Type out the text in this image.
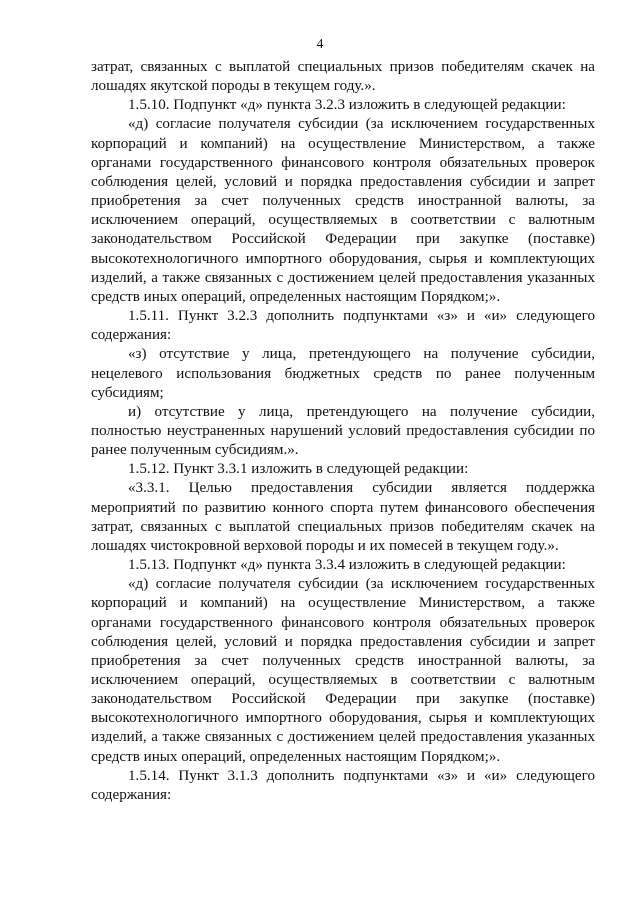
4

затрат, связанных с выплатой специальных призов победителям скачек на лошадях якутской породы в текущем году.».

1.5.10. Подпункт «д» пункта 3.2.3 изложить в следующей редакции:

«д) согласие получателя субсидии (за исключением государственных корпораций и компаний) на осуществление Министерством, а также органами государственного финансового контроля обязательных проверок соблюдения целей, условий и порядка предоставления субсидии и запрет приобретения за счет полученных средств иностранной валюты, за исключением операций, осуществляемых в соответствии с валютным законодательством Российской Федерации при закупке (поставке) высокотехнологичного импортного оборудования, сырья и комплектующих изделий, а также связанных с достижением целей предоставления указанных средств иных операций, определенных настоящим Порядком;».

1.5.11. Пункт 3.2.3 дополнить подпунктами «з» и «и» следующего содержания:

«з) отсутствие у лица, претендующего на получение субсидии, нецелевого использования бюджетных средств по ранее полученным субсидиям;

и) отсутствие у лица, претендующего на получение субсидии, полностью неустраненных нарушений условий предоставления субсидии по ранее полученным субсидиям.».

1.5.12. Пункт 3.3.1 изложить в следующей редакции:

«3.3.1. Целью предоставления субсидии является поддержка мероприятий по развитию конного спорта путем финансового обеспечения затрат, связанных с выплатой специальных призов победителям скачек на лошадях чистокровной верховой породы и их помесей в текущем году.».

1.5.13. Подпункт «д» пункта 3.3.4 изложить в следующей редакции:

«д) согласие получателя субсидии (за исключением государственных корпораций и компаний) на осуществление Министерством, а также органами государственного финансового контроля обязательных проверок соблюдения целей, условий и порядка предоставления субсидии и запрет приобретения за счет полученных средств иностранной валюты, за исключением операций, осуществляемых в соответствии с валютным законодательством Российской Федерации при закупке (поставке) высокотехнологичного импортного оборудования, сырья и комплектующих изделий, а также связанных с достижением целей предоставления указанных средств иных операций, определенных настоящим Порядком;».

1.5.14. Пункт 3.1.3 дополнить подпунктами «з» и «и» следующего содержания:
